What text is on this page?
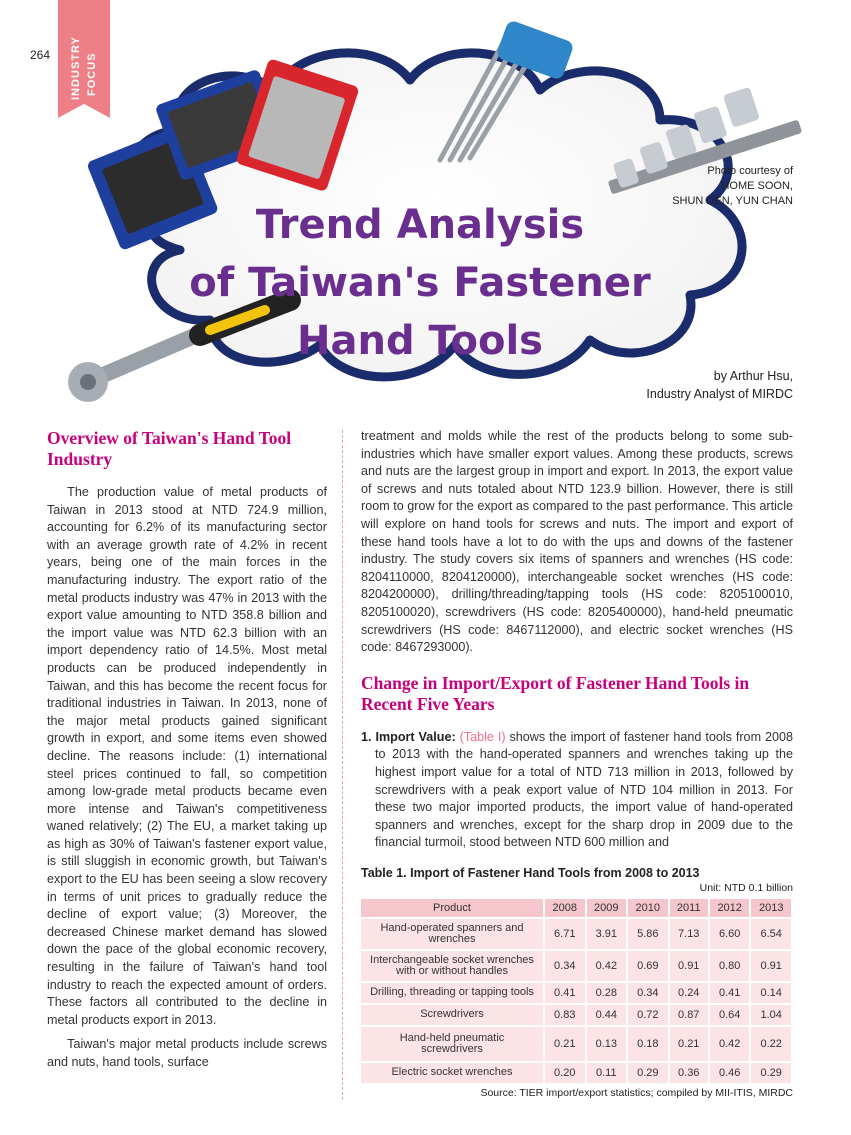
264 INDUSTRY FOCUS
Trend Analysis
of Taiwan's Fastener
Hand Tools
Photo courtesy of
HOME SOON,
SHUN DEN, YUN CHAN
by Arthur Hsu,
Industry Analyst of MIRDC
Overview of Taiwan's Hand Tool Industry

The production value of metal products of Taiwan in 2013 stood at NTD 724.9 million, accounting for 6.2% of its manufacturing sector with an average growth rate of 4.2% in recent years, being one of the main forces in the manufacturing industry. The export ratio of the metal products industry was 47% in 2013 with the export value amounting to NTD 358.8 billion and the import value was NTD 62.3 billion with an import dependency ratio of 14.5%. Most metal products can be produced independently in Taiwan, and this has become the recent focus for traditional industries in Taiwan. In 2013, none of the major metal products gained significant growth in export, and some items even showed decline. The reasons include: (1) international steel prices continued to fall, so competition among low-grade metal products became even more intense and Taiwan's competitiveness waned relatively; (2) The EU, a market taking up as high as 30% of Taiwan's fastener export value, is still sluggish in economic growth, but Taiwan's export to the EU has been seeing a slow recovery in terms of unit prices to gradually reduce the decline of export value; (3) Moreover, the decreased Chinese market demand has slowed down the pace of the global economic recovery, resulting in the failure of Taiwan's hand tool industry to reach the expected amount of orders. These factors all contributed to the decline in metal products export in 2013.

Taiwan's major metal products include screws and nuts, hand tools, surface

treatment and molds while the rest of the products belong to some sub-industries which have smaller export values. Among these products, screws and nuts are the largest group in import and export. In 2013, the export value of screws and nuts totaled about NTD 123.9 billion. However, there is still room to grow for the export as compared to the past performance. This article will explore on hand tools for screws and nuts. The import and export of these hand tools have a lot to do with the ups and downs of the fastener industry. The study covers six items of spanners and wrenches (HS code: 8204110000, 8204120000), interchangeable socket wrenches (HS code: 8204200000), drilling/threading/tapping tools (HS code: 8205100010, 8205100020), screwdrivers (HS code: 8205400000), hand-held pneumatic screwdrivers (HS code: 8467112000), and electric socket wrenches (HS code: 8467293000).

Change in Import/Export of Fastener Hand Tools in Recent Five Years

1. Import Value: (Table I) shows the import of fastener hand tools from 2008 to 2013 with the hand-operated spanners and wrenches taking up the highest import value for a total of NTD 713 million in 2013, followed by screwdrivers with a peak export value of NTD 104 million in 2013. For these two major imported products, the import value of hand-operated spanners and wrenches, except for the sharp drop in 2009 due to the financial turmoil, stood between NTD 600 million and

Table 1. Import of Fastener Hand Tools from 2008 to 2013

Unit: NTD 0.1 billion
Product	2008	2009	2010	2011	2012	2013
Hand-operated spanners and wrenches	6.71	3.91	5.86	7.13	6.60	6.54
Interchangeable socket wrenches with or without handles	0.34	0.42	0.69	0.91	0.80	0.91
Drilling, threading or tapping tools	0.41	0.28	0.34	0.24	0.41	0.14
Screwdrivers	0.83	0.44	0.72	0.87	0.64	1.04
Hand-held pneumatic screwdrivers	0.21	0.13	0.18	0.21	0.42	0.22
Electric socket wrenches	0.20	0.11	0.29	0.36	0.46	0.29
Source: TIER import/export statistics; compiled by MII-ITIS, MIRDC
